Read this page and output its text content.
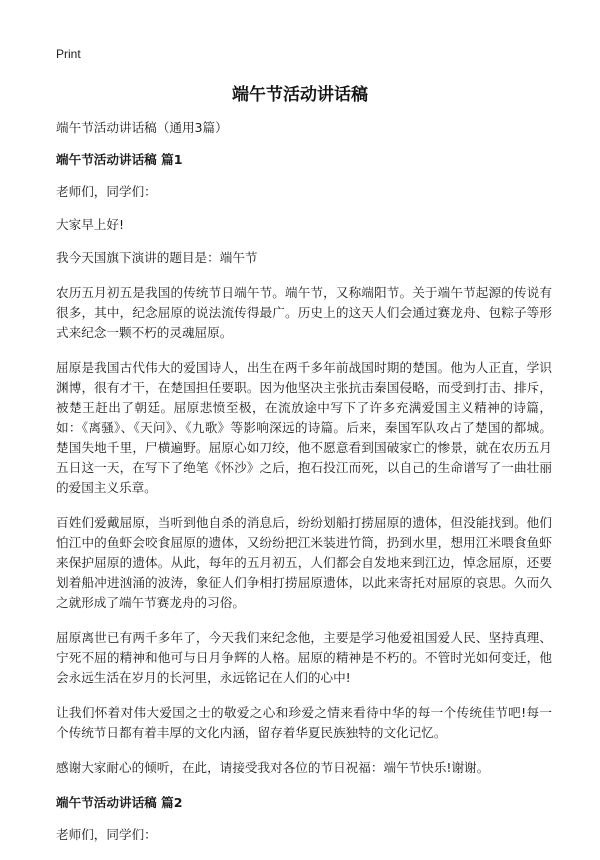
Print
端午节活动讲话稿

端午节活动讲话稿（通用3篇）

端午节活动讲话稿 篇1

老师们，同学们：

大家早上好!

我今天国旗下演讲的题目是：端午节

农历五月初五是我国的传统节日端午节。端午节，又称端阳节。关于端午节起源的传说有很多，其中，纪念屈原的说法流传得最广。历史上的这天人们会通过赛龙舟、包粽子等形式来纪念一颗不朽的灵魂屈原。

屈原是我国古代伟大的爱国诗人，出生在两千多年前战国时期的楚国。他为人正直，学识渊博，很有才干，在楚国担任要职。因为他坚决主张抗击秦国侵略，而受到打击、排斥，被楚王赶出了朝廷。屈原悲愤至极，在流放途中写下了许多充满爱国主义精神的诗篇，如：《离骚》、《天问》、《九歌》等影响深远的诗篇。后来，秦国军队攻占了楚国的都城。楚国失地千里，尸横遍野。屈原心如刀绞，他不愿意看到国破家亡的惨景，就在农历五月五日这一天，在写下了绝笔《怀沙》之后，抱石投江而死，以自己的生命谱写了一曲壮丽的爱国主义乐章。

百姓们爱戴屈原，当听到他自杀的消息后，纷纷划船打捞屈原的遗体，但没能找到。他们怕江中的鱼虾会咬食屈原的遗体，又纷纷把江米装进竹筒，扔到水里，想用江米喂食鱼虾来保护屈原的遗体。从此，每年的五月初五，人们都会自发地来到江边，悼念屈原，还要划着船冲进汹涌的波涛，象征人们争相打捞屈原遗体，以此来寄托对屈原的哀思。久而久之就形成了端午节赛龙舟的习俗。

屈原离世已有两千多年了，今天我们来纪念他，主要是学习他爱祖国爱人民、坚持真理、宁死不屈的精神和他可与日月争辉的人格。屈原的精神是不朽的。不管时光如何变迁，他会永远生活在岁月的长河里，永远铭记在人们的心中!

让我们怀着对伟大爱国之士的敬爱之心和珍爱之情来看待中华的每一个传统佳节吧!每一个传统节日都有着丰厚的文化内涵，留存着华夏民族独特的文化记忆。

感谢大家耐心的倾听，在此，请接受我对各位的节日祝福：端午节快乐!谢谢。

端午节活动讲话稿 篇2

老师们，同学们：
